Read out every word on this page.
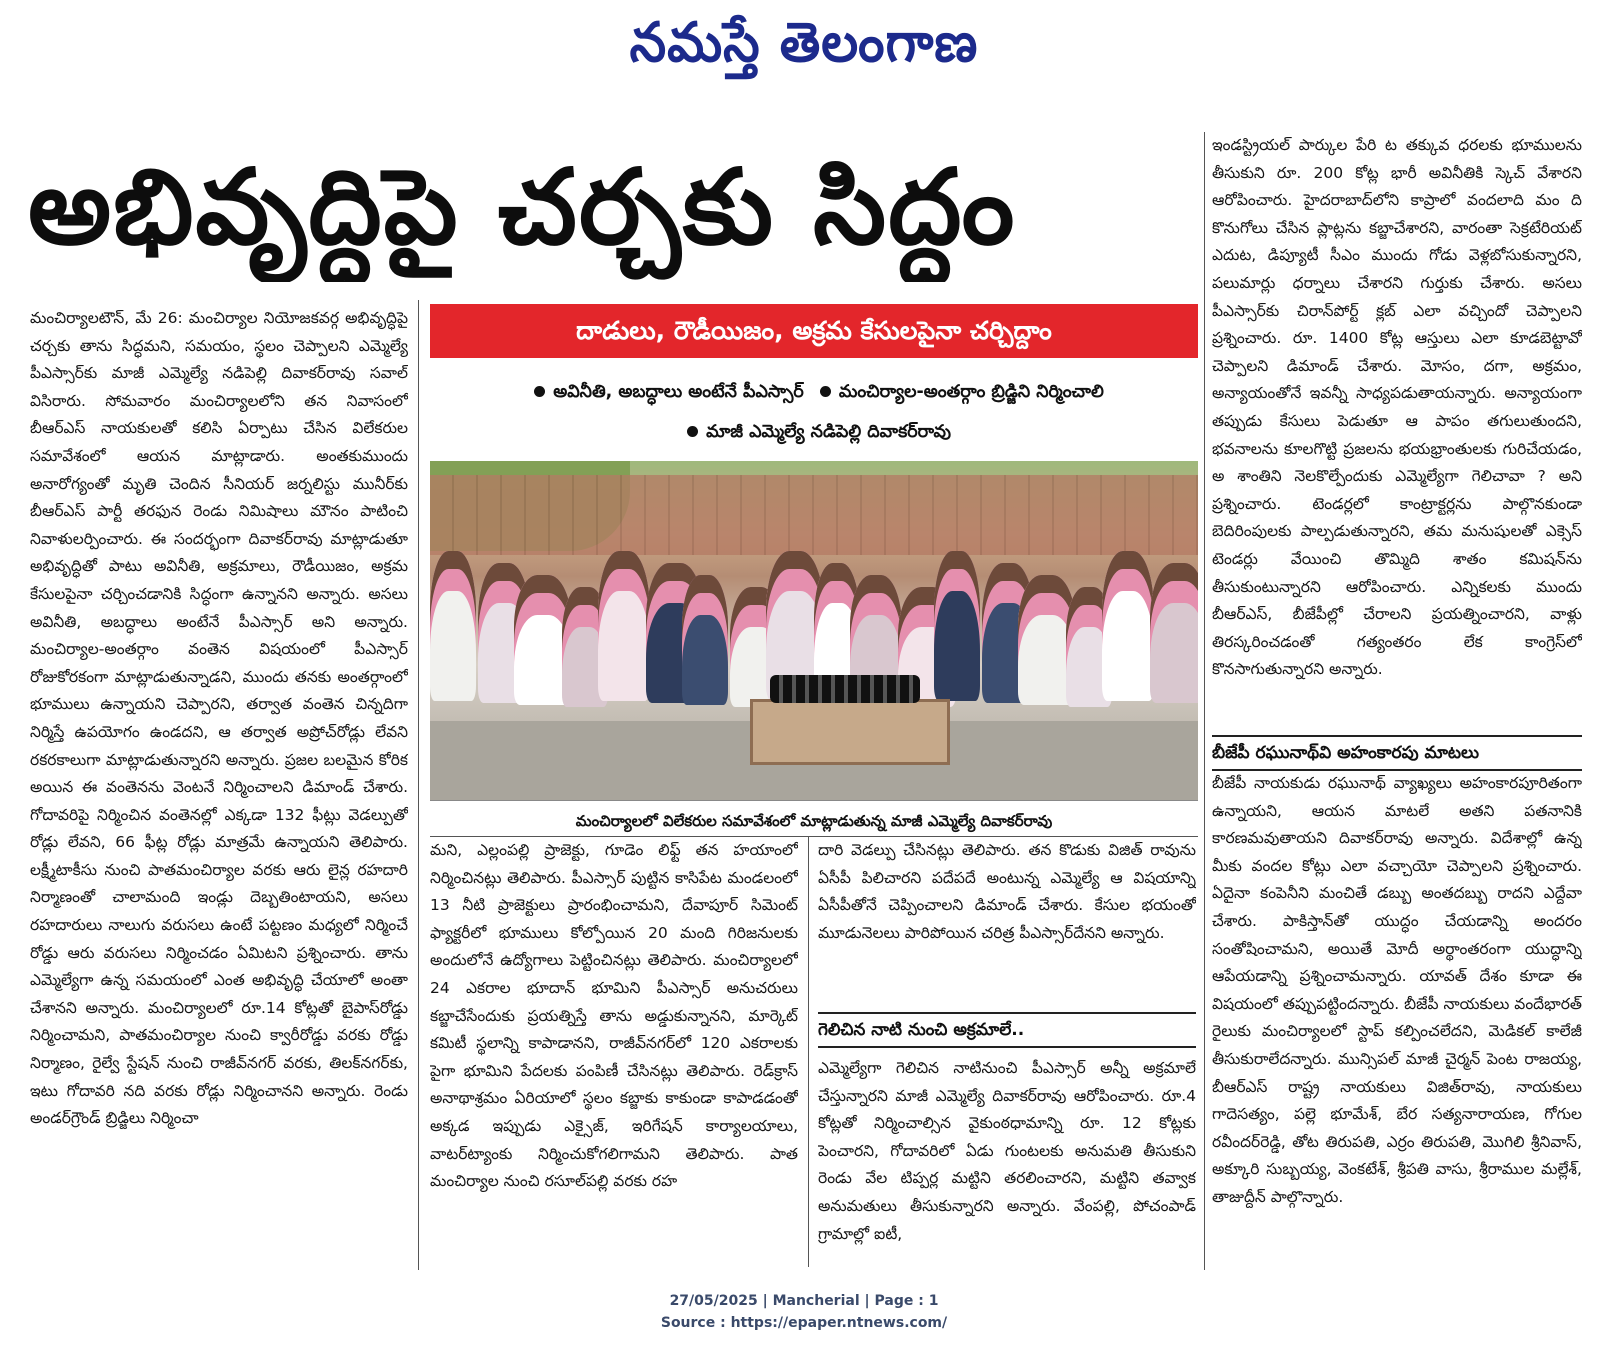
నమస్తే తెలంగాణ
అభివృద్ధిపై చర్చకు సిద్ధం

మంచిర్యాలటౌన్, మే 26: మంచిర్యాల నియోజకవర్గ అభివృద్ధిపై చర్చకు తాను సిద్ధమని, సమయం, స్థలం చెప్పాలని ఎమ్మెల్యే పీఎస్సార్‌కు మాజీ ఎమ్మెల్యే నడిపెల్లి దివాకర్‌రావు సవాల్ విసిరారు. సోమవారం మంచిర్యాలలోని తన నివాసంలో బీఆర్‌ఎస్ నాయకులతో కలిసి ఏర్పాటు చేసిన విలేకరుల సమావేశంలో ఆయన మాట్లాడారు. అంతకుముందు అనారోగ్యంతో మృతి చెందిన సీనియర్ జర్నలిస్టు మునీర్‌కు బీఆర్‌ఎస్ పార్టీ తరఫున రెండు నిమిషాలు మౌనం పాటించి నివాళులర్పించారు. ఈ సందర్భంగా దివాకర్‌రావు మాట్లాడుతూ అభివృద్ధితో పాటు అవినీతి, అక్రమాలు, రౌడీయిజం, అక్రమ కేసులపైనా చర్చించడానికి సిద్ధంగా ఉన్నానని అన్నారు. అసలు అవినీతి, అబద్ధాలు అంటేనే పీఎస్సార్ అని అన్నారు. మంచిర్యాల-అంతర్గాం వంతెన విషయంలో పీఎస్సార్ రోజుకోరకంగా మాట్లాడుతున్నాడని, ముందు తనకు అంతర్గాంలో భూములు ఉన్నాయని చెప్పారని, తర్వాత వంతెన చిన్నదిగా నిర్మిస్తే ఉపయోగం ఉండదని, ఆ తర్వాత అప్రోచ్‌రోడ్లు లేవని రకరకాలుగా మాట్లాడుతున్నారని అన్నారు. ప్రజల బలమైన కోరిక అయిన ఈ వంతెనను వెంటనే నిర్మించాలని డిమాండ్ చేశారు. గోదావరిపై నిర్మించిన వంతెనల్లో ఎక్కడా 132 ఫీట్లు వెడల్పుతో రోడ్లు లేవని, 66 ఫీట్ల రోడ్లు మాత్రమే ఉన్నాయని తెలిపారు. లక్ష్మీటాకీసు నుంచి పాతమంచిర్యాల వరకు ఆరు లైన్ల రహదారి నిర్మాణంతో చాలామంది ఇండ్లు దెబ్బతింటాయని, అసలు రహదారులు నాలుగు వరుసలు ఉంటే పట్టణం మధ్యలో నిర్మించే రోడ్డు ఆరు వరుసలు నిర్మించడం ఏమిటని ప్రశ్నించారు. తాను ఎమ్మెల్యేగా ఉన్న సమయంలో ఎంత అభివృద్ధి చేయాలో అంతా చేశానని అన్నారు. మంచిర్యాలలో రూ.14 కోట్లతో బైపాస్‌రోడ్డు నిర్మించామని, పాతమంచిర్యాల నుంచి క్వారీరోడ్డు వరకు రోడ్డు నిర్మాణం, రైల్వే స్టేషన్ నుంచి రాజీవ్‌నగర్ వరకు, తిలక్‌నగర్‌కు, ఇటు గోదావరి నది వరకు రోడ్లు నిర్మించానని అన్నారు. రెండు అండర్‌గ్రౌండ్ బ్రిడ్జిలు నిర్మించా

దాడులు, రౌడీయిజం, అక్రమ కేసులపైనా చర్చిద్దాం
అవినీతి, అబద్ధాలు అంటేనే పీఎస్సార్ మంచిర్యాల-అంతర్గాం బ్రిడ్జిని నిర్మించాలి
మాజీ ఎమ్మెల్యే నడిపెల్లి దివాకర్‌రావు
మంచిర్యాలలో విలేకరుల సమావేశంలో మాట్లాడుతున్న మాజీ ఎమ్మెల్యే దివాకర్‌రావు

మని, ఎల్లంపల్లి ప్రాజెక్టు, గూడెం లిఫ్ట్ తన హయాంలో నిర్మించినట్లు తెలిపారు. పీఎస్సార్ పుట్టిన కాసిపేట మండలంలో 13 నీటి ప్రాజెక్టులు ప్రారంభించామని, దేవాపూర్ సిమెంట్ ఫ్యాక్టరీలో భూములు కోల్పోయిన 20 మంది గిరిజనులకు అందులోనే ఉద్యోగాలు పెట్టించినట్లు తెలిపారు. మంచిర్యాలలో 24 ఎకరాల భూదాన్ భూమిని పీఎస్సార్ అనుచరులు కబ్జాచేసేందుకు ప్రయత్నిస్తే తాను అడ్డుకున్నానని, మార్కెట్ కమిటీ స్థలాన్ని కాపాడానని, రాజీవ్‌నగర్‌లో 120 ఎకరాలకు పైగా భూమిని పేదలకు పంపిణీ చేసినట్లు తెలిపారు. రెడ్‌క్రాస్ అనాథాశ్రమం ఏరియాలో స్థలం కబ్జాకు కాకుండా కాపాడడంతో అక్కడ ఇప్పుడు ఎక్సైజ్, ఇరిగేషన్ కార్యాలయాలు, వాటర్‌ట్యాంకు నిర్మించుకోగలిగామని తెలిపారు. పాత మంచిర్యాల నుంచి రసూల్‌పల్లి వరకు రహ

దారి వెడల్పు చేసినట్లు తెలిపారు. తన కొడుకు విజిత్ రావును ఏసీపీ పిలిచారని పదేపదే అంటున్న ఎమ్మెల్యే ఆ విషయాన్ని ఏసీపీతోనే చెప్పించాలని డిమాండ్ చేశారు. కేసుల భయంతో మూడునెలలు పారిపోయిన చరిత్ర పీఎస్సార్‌దేనని అన్నారు.

గెలిచిన నాటి నుంచి అక్రమాలే..

ఎమ్మెల్యేగా గెలిచిన నాటినుంచి పీఎస్సార్ అన్నీ అక్రమాలే చేస్తున్నారని మాజీ ఎమ్మెల్యే దివాకర్‌రావు ఆరోపించారు. రూ.4 కోట్లతో నిర్మించాల్సిన వైకుంఠధామాన్ని రూ. 12 కోట్లకు పెంచారని, గోదావరిలో ఏడు గుంటలకు అనుమతి తీసుకుని రెండు వేల టిప్పర్ల మట్టిని తరలించారని, మట్టిని తవ్వాక అనుమతులు తీసుకున్నారని అన్నారు. వేంపల్లి, పోచంపాడ్ గ్రామాల్లో ఐటీ,

ఇండస్ట్రియల్ పార్కుల పేరి ట తక్కువ ధరలకు భూములను తీసుకుని రూ. 200 కోట్ల భారీ అవినీతికి స్కెచ్ వేశారని ఆరోపించారు. హైదరాబాద్‌లోని కాప్రాలో వందలాది మం ది కొనుగోలు చేసిన ప్లాట్లను కబ్జాచేశారని, వారంతా సెక్రటేరియట్ ఎదుట, డిప్యూటీ సీఎం ముందు గోడు వెళ్లబోసుకున్నారని, పలుమార్లు ధర్నాలు చేశారని గుర్తుకు చేశారు. అసలు పీఎస్సార్‌కు చిరాన్‌పోర్ట్ క్లబ్ ఎలా వచ్చిందో చెప్పాలని ప్రశ్నించారు. రూ. 1400 కోట్ల ఆస్తులు ఎలా కూడబెట్టావో చెప్పాలని డిమాండ్ చేశారు. మోసం, దగా, అక్రమం, అన్యాయంతోనే ఇవన్నీ సాధ్యపడుతాయన్నారు. అన్యాయంగా తప్పుడు కేసులు పెడుతూ ఆ పాపం తగులుతుందని, భవనాలను కూలగొట్టి ప్రజలను భయభ్రాంతులకు గురిచేయడం, అ శాంతిని నెలకొల్పేందుకు ఎమ్మెల్యేగా గెలిచావా ? అని ప్రశ్నించారు. టెండర్లలో కాంట్రాక్టర్లను పాల్గొనకుండా బెదిరింపులకు పాల్పడుతున్నారని, తమ మనుషులతో ఎక్సెస్ టెండర్లు వేయించి తొమ్మిది శాతం కమిషన్‌ను తీసుకుంటున్నారని ఆరోపించారు. ఎన్నికలకు ముందు బీఆర్‌ఎస్, బీజేపీల్లో చేరాలని ప్రయత్నించారని, వాళ్లు తిరస్కరించడంతో గత్యంతరం లేక కాంగ్రెస్‌లో కొనసాగుతున్నారని అన్నారు.

బీజేపీ రఘునాథ్‌వి అహంకారపు మాటలు

బీజేపీ నాయకుడు రఘునాథ్ వ్యాఖ్యలు అహంకారపూరితంగా ఉన్నాయని, ఆయన మాటలే అతని పతనానికి కారణమవుతాయని దివాకర్‌రావు అన్నారు. విదేశాల్లో ఉన్న మీకు వందల కోట్లు ఎలా వచ్చాయో చెప్పాలని ప్రశ్నించారు. ఏదైనా కంపెనీని మంచితే డబ్బు అంతదబ్బు రాదని ఎద్దేవా చేశారు. పాకిస్తాన్‌తో యుద్ధం చేయడాన్ని అందరం సంతోషించామని, అయితే మోదీ అర్థాంతరంగా యుద్ధాన్ని ఆపేయడాన్ని ప్రశ్నించామన్నారు. యావత్ దేశం కూడా ఈ విషయంలో తప్పుపట్టిందన్నారు. బీజేపీ నాయకులు వందేభారత్ రైలుకు మంచిర్యాలలో స్టాప్ కల్పించలేదని, మెడికల్ కాలేజీ తీసుకురాలేదన్నారు. మున్సిపల్ మాజీ చైర్మన్ పెంట రాజయ్య, బీఆర్‌ఎస్ రాష్ట్ర నాయకులు విజిత్‌రావు, నాయకులు గాదెసత్యం, పల్లె భూమేశ్, బేర సత్యనారాయణ, గోగుల రవీందర్‌రెడ్డి, తోట తిరుపతి, ఎర్రం తిరుపతి, మొగిలి శ్రీనివాస్, అక్కూరి సుబ్బయ్య, వెంకటేశ్, శ్రీపతి వాసు, శ్రీరాముల మల్లేశ్, తాజుద్దీన్ పాల్గొన్నారు.

27/05/2025 | Mancherial | Page : 1
Source : https://epaper.ntnews.com/
